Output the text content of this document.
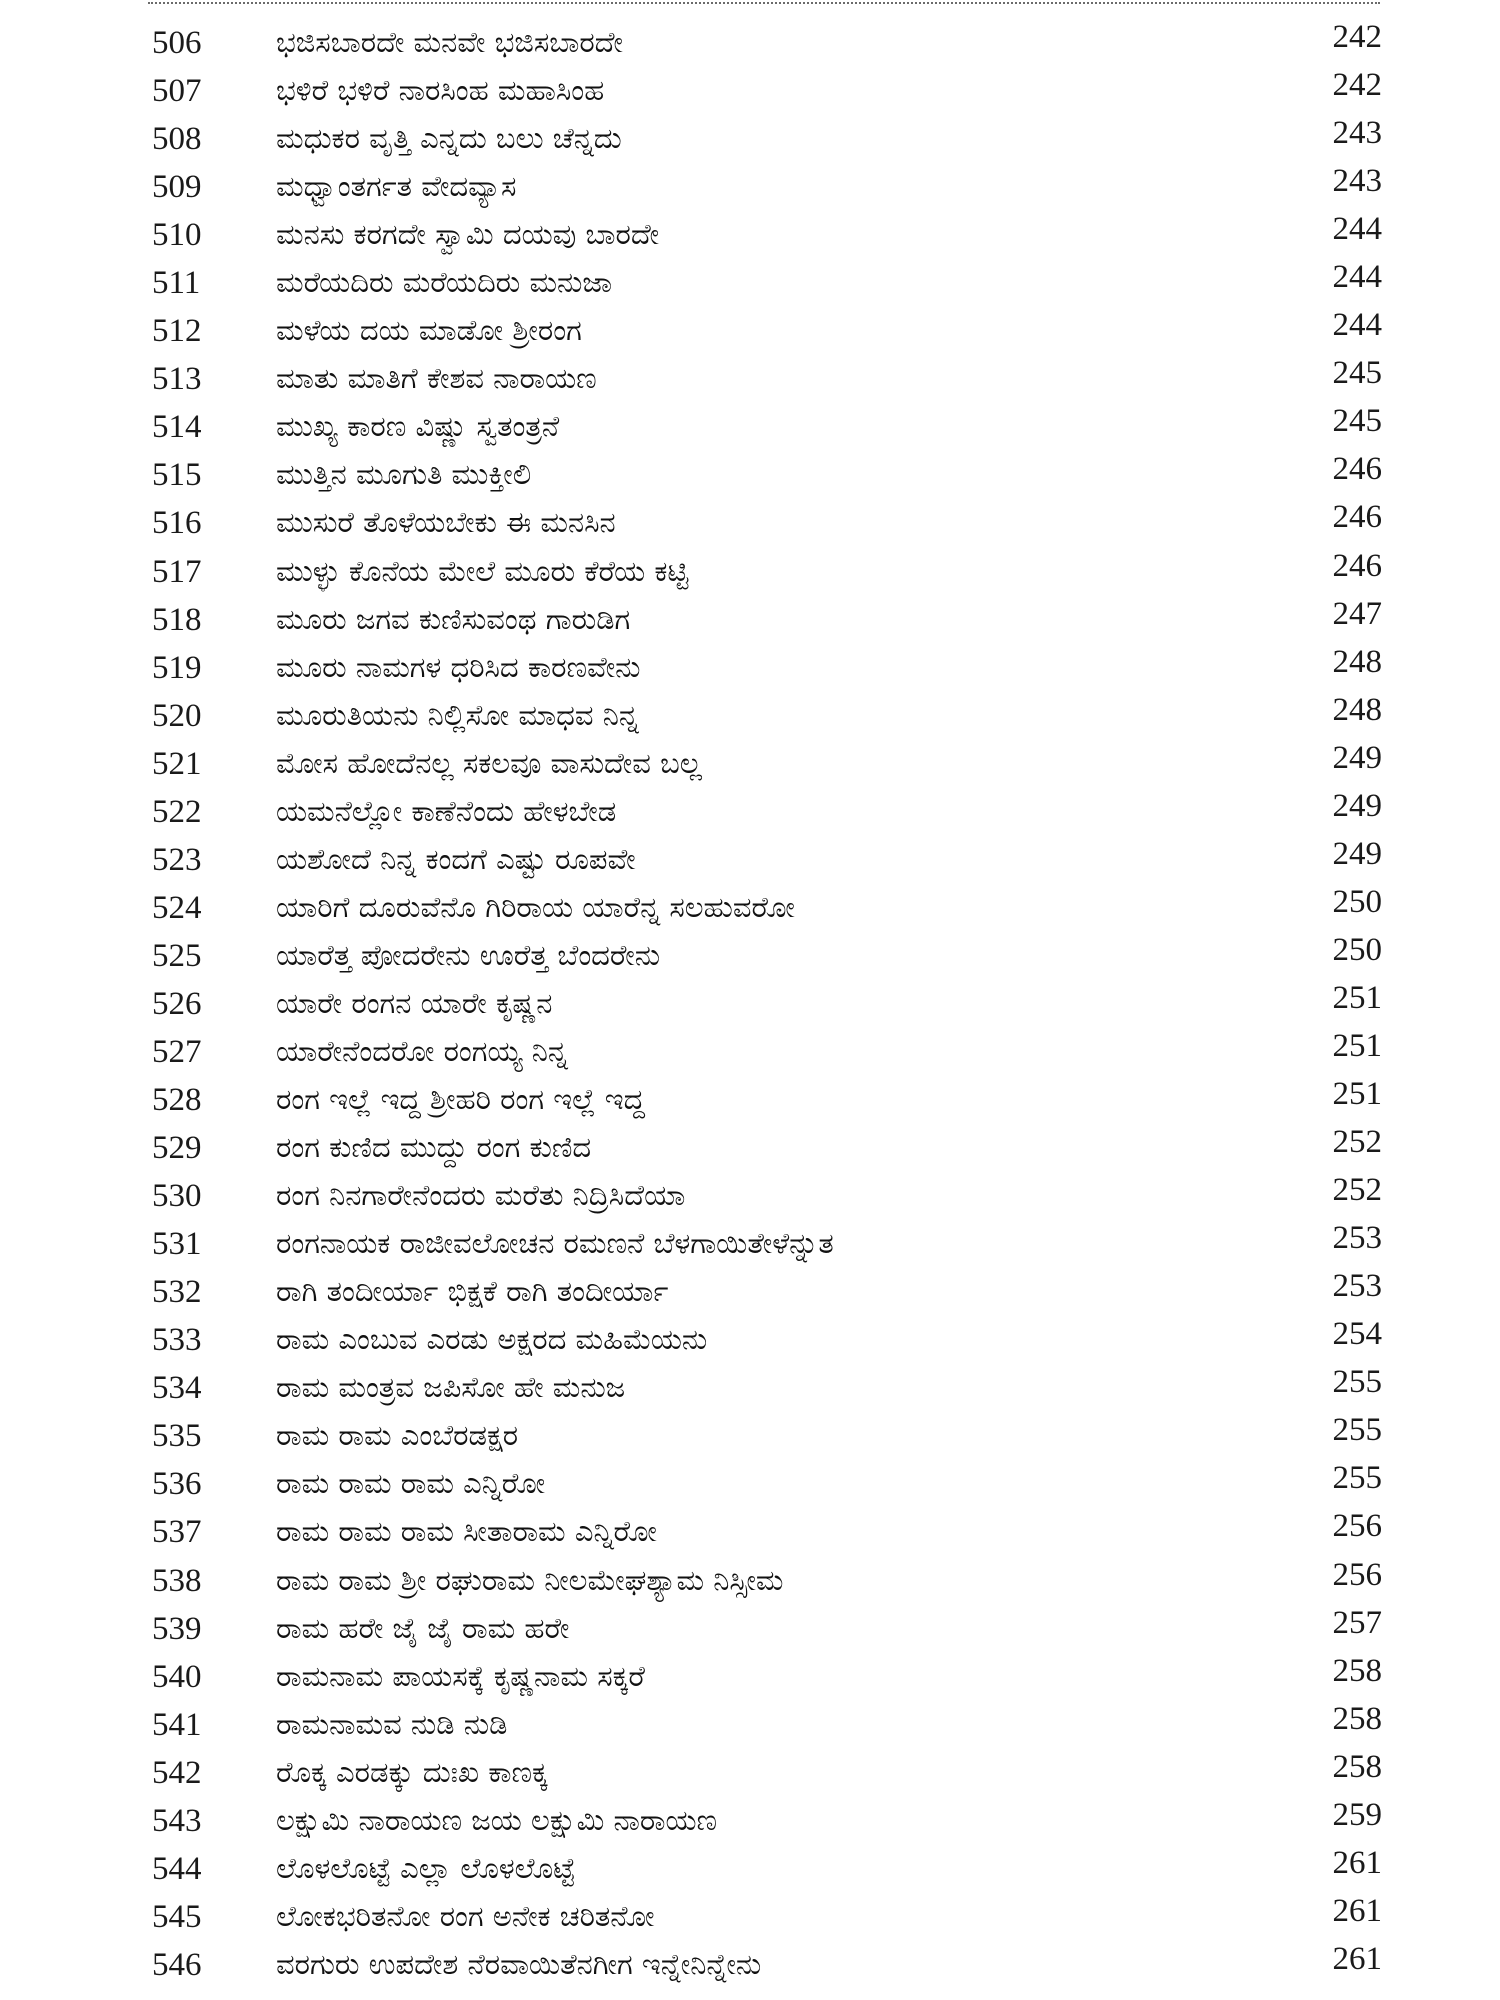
506	ಭಜಿಸಬಾರದೇ ಮನವೇ ಭಜಿಸಬಾರದೇ	242
507	ಭಳಿರೆ ಭಳಿರೆ ನಾರಸಿಂಹ ಮಹಾಸಿಂಹ	242
508	ಮಧುಕರ ವೃತ್ತಿ ಎನ್ನದು ಬಲು ಚೆನ್ನದು	243
509	ಮಧ್ವಾಂತರ್ಗತ ವೇದವ್ಯಾಸ	243
510	ಮನಸು ಕರಗದೇ ಸ್ವಾಮಿ ದಯವು ಬಾರದೇ	244
511	ಮರೆಯದಿರು ಮರೆಯದಿರು ಮನುಜಾ	244
512	ಮಳೆಯ ದಯ ಮಾಡೋ ಶ್ರೀರಂಗ	244
513	ಮಾತು ಮಾತಿಗೆ ಕೇಶವ ನಾರಾಯಣ	245
514	ಮುಖ್ಯ ಕಾರಣ ವಿಷ್ಣು ಸ್ವತಂತ್ರನೆ	245
515	ಮುತ್ತಿನ ಮೂಗುತಿ ಮುಕ್ತೀಲಿ	246
516	ಮುಸುರೆ ತೊಳೆಯಬೇಕು ಈ ಮನಸಿನ	246
517	ಮುಳ್ಳು ಕೊನೆಯ ಮೇಲೆ ಮೂರು ಕೆರೆಯ ಕಟ್ಟಿ	246
518	ಮೂರು ಜಗವ ಕುಣಿಸುವಂಥ ಗಾರುಡಿಗ	247
519	ಮೂರು ನಾಮಗಳ ಧರಿಸಿದ ಕಾರಣವೇನು	248
520	ಮೂರುತಿಯನು ನಿಲ್ಲಿಸೋ ಮಾಧವ ನಿನ್ನ	248
521	ಮೋಸ ಹೋದೆನಲ್ಲ ಸಕಲವೂ ವಾಸುದೇವ ಬಲ್ಲ	249
522	ಯಮನೆಲ್ಲೋ ಕಾಣೆನೆಂದು ಹೇಳಬೇಡ	249
523	ಯಶೋದೆ ನಿನ್ನ ಕಂದಗೆ ಎಷ್ಟು ರೂಪವೇ	249
524	ಯಾರಿಗೆ ದೂರುವೆನೊ ಗಿರಿರಾಯ ಯಾರೆನ್ನ ಸಲಹುವರೋ	250
525	ಯಾರೆತ್ತ ಪೋದರೇನು ಊರೆತ್ತ ಬೆಂದರೇನು	250
526	ಯಾರೇ ರಂಗನ ಯಾರೇ ಕೃಷ್ಣನ	251
527	ಯಾರೇನೆಂದರೋ ರಂಗಯ್ಯ ನಿನ್ನ	251
528	ರಂಗ ಇಲ್ಲೆ ಇದ್ದ ಶ್ರೀಹರಿ ರಂಗ ಇಲ್ಲೆ ಇದ್ದ	251
529	ರಂಗ ಕುಣಿದ ಮುದ್ದು ರಂಗ ಕುಣಿದ	252
530	ರಂಗ ನಿನಗಾರೇನೆಂದರು ಮರೆತು ನಿದ್ರಿಸಿದೆಯಾ	252
531	ರಂಗನಾಯಕ ರಾಜೀವಲೋಚನ ರಮಣನೆ ಬೆಳಗಾಯಿತೇಳೆನ್ನುತ	253
532	ರಾಗಿ ತಂದೀರ್ಯಾ ಭಿಕ್ಷಕೆ ರಾಗಿ ತಂದೀರ್ಯಾ	253
533	ರಾಮ ಎಂಬುವ ಎರಡು ಅಕ್ಷರದ ಮಹಿಮೆಯನು	254
534	ರಾಮ ಮಂತ್ರವ ಜಪಿಸೋ ಹೇ ಮನುಜ	255
535	ರಾಮ ರಾಮ ಎಂಬೆರಡಕ್ಷರ	255
536	ರಾಮ ರಾಮ ರಾಮ ಎನ್ನಿರೋ	255
537	ರಾಮ ರಾಮ ರಾಮ ಸೀತಾರಾಮ ಎನ್ನಿರೋ	256
538	ರಾಮ ರಾಮ ಶ್ರೀ ರಘುರಾಮ ನೀಲಮೇಘಶ್ಯಾಮ ನಿಸ್ಸೀಮ	256
539	ರಾಮ ಹರೇ ಜೈ ಜೈ ರಾಮ ಹರೇ	257
540	ರಾಮನಾಮ ಪಾಯಸಕ್ಕೆ ಕೃಷ್ಣನಾಮ ಸಕ್ಕರೆ	258
541	ರಾಮನಾಮವ ನುಡಿ ನುಡಿ	258
542	ರೊಕ್ಕ ಎರಡಕ್ಕು ದುಃಖ ಕಾಣಕ್ಕ	258
543	ಲಕ್ಷುಮಿ ನಾರಾಯಣ ಜಯ ಲಕ್ಷುಮಿ ನಾರಾಯಣ	259
544	ಲೊಳಲೊಟ್ಟೆ ಎಲ್ಲಾ ಲೊಳಲೊಟ್ಟೆ	261
545	ಲೋಕಭರಿತನೋ ರಂಗ ಅನೇಕ ಚರಿತನೋ	261
546	ವರಗುರು ಉಪದೇಶ ನೆರವಾಯಿತೆನಗೀಗ ಇನ್ನೇನಿನ್ನೇನು	261
